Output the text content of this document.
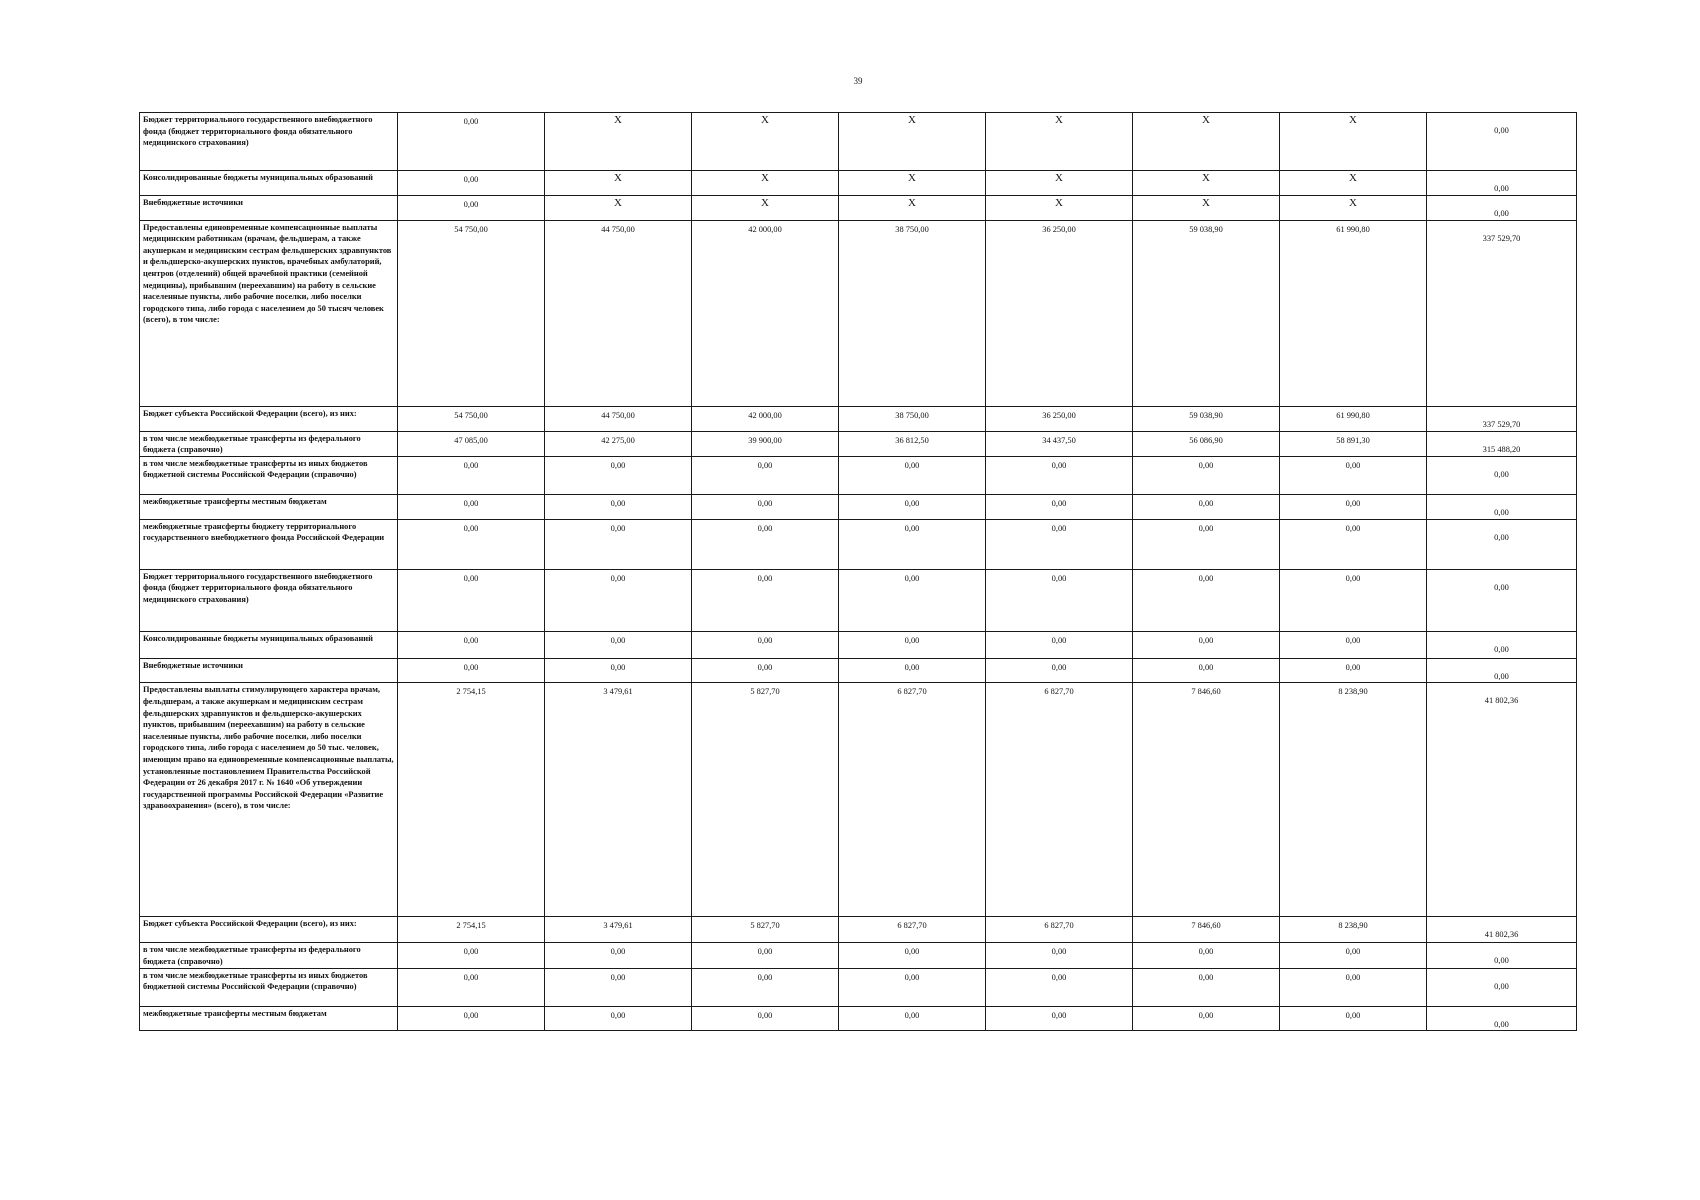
39
Бюджет территориального государственного внебюджетного фонда (бюджет территориального фонда обязательного медицинского страхования)	0,00	X	X	X	X	X	X	0,00
Консолидированные бюджеты муниципальных образований	0,00	X	X	X	X	X	X	0,00
Внебюджетные источники	0,00	X	X	X	X	X	X	0,00
Предоставлены единовременные компенсационные выплаты медицинским работникам (врачам, фельдшерам, а также акушеркам и медицинским сестрам фельдшерских здравпунктов и фельдшерско-акушерских пунктов, врачебных амбулаторий, центров (отделений) общей врачебной практики (семейной медицины), прибывшим (переехавшим) на работу в сельские населенные пункты, либо рабочие поселки, либо поселки городского типа, либо города с населением до 50 тысяч человек (всего), в том числе:	54 750,00	44 750,00	42 000,00	38 750,00	36 250,00	59 038,90	61 990,80	337 529,70
Бюджет субъекта Российской Федерации (всего), из них:	54 750,00	44 750,00	42 000,00	38 750,00	36 250,00	59 038,90	61 990,80	337 529,70
в том числе межбюджетные трансферты из федерального бюджета (справочно)	47 085,00	42 275,00	39 900,00	36 812,50	34 437,50	56 086,90	58 891,30	315 488,20
в том числе межбюджетные трансферты из иных бюджетов бюджетной системы Российской Федерации (справочно)	0,00	0,00	0,00	0,00	0,00	0,00	0,00	0,00
межбюджетные трансферты местным бюджетам	0,00	0,00	0,00	0,00	0,00	0,00	0,00	0,00
межбюджетные трансферты бюджету территориального государственного внебюджетного фонда Российской Федерации	0,00	0,00	0,00	0,00	0,00	0,00	0,00	0,00
Бюджет территориального государственного внебюджетного фонда (бюджет территориального фонда обязательного медицинского страхования)	0,00	0,00	0,00	0,00	0,00	0,00	0,00	0,00
Консолидированные бюджеты муниципальных образований	0,00	0,00	0,00	0,00	0,00	0,00	0,00	0,00
Внебюджетные источники	0,00	0,00	0,00	0,00	0,00	0,00	0,00	0,00
Предоставлены выплаты стимулирующего характера врачам, фельдшерам, а также акушеркам и медицинским сестрам фельдшерских здравпунктов и фельдшерско-акушерских пунктов, прибывшим (переехавшим) на работу в сельские населенные пункты, либо рабочие поселки, либо поселки городского типа, либо города с населением до 50 тыс. человек, имеющим право на единовременные компенсационные выплаты, установленные постановлением Правительства Российской Федерации от 26 декабря 2017 г. № 1640 «Об утверждении государственной программы Российской Федерации «Развитие здравоохранения» (всего), в том числе:	2 754,15	3 479,61	5 827,70	6 827,70	6 827,70	7 846,60	8 238,90	41 802,36
Бюджет субъекта Российской Федерации (всего), из них:	2 754,15	3 479,61	5 827,70	6 827,70	6 827,70	7 846,60	8 238,90	41 802,36
в том числе межбюджетные трансферты из федерального бюджета (справочно)	0,00	0,00	0,00	0,00	0,00	0,00	0,00	0,00
в том числе межбюджетные трансферты из иных бюджетов бюджетной системы Российской Федерации (справочно)	0,00	0,00	0,00	0,00	0,00	0,00	0,00	0,00
межбюджетные трансферты местным бюджетам	0,00	0,00	0,00	0,00	0,00	0,00	0,00	0,00
